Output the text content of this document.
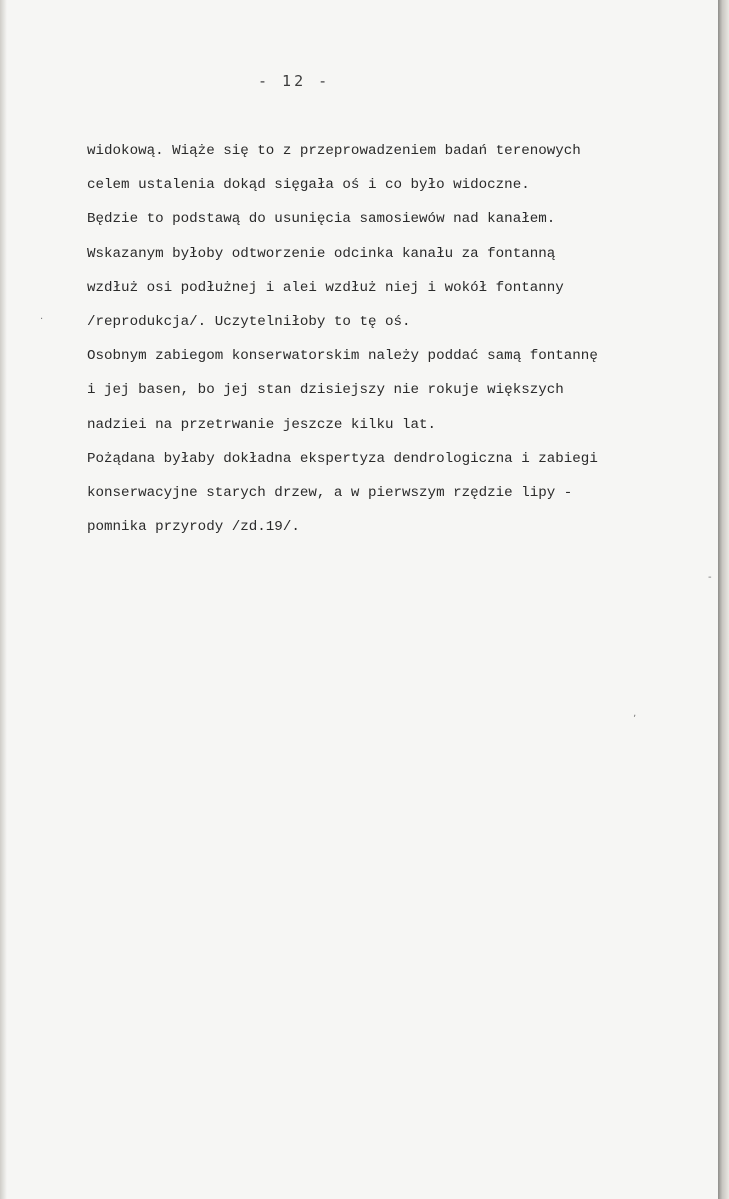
- 12 -
widokową. Wiąże się to z przeprowadzeniem badań terenowych
celem ustalenia dokąd sięgała oś i co było widoczne.
Będzie to podstawą do usunięcia samosiewów nad kanałem.
Wskazanym byłoby odtworzenie odcinka kanału za fontanną
wzdłuż osi podłużnej i alei wzdłuż niej i wokół fontanny
/reprodukcja/. Uczytelniłoby to tę oś.
Osobnym zabiegom konserwatorskim należy poddać samą fontannę
i jej basen, bo jej stan dzisiejszy nie rokuje większych
nadziei na przetrwanie jeszcze kilku lat.
Pożądana byłaby dokładna ekspertyza dendrologiczna i zabiegi
konserwacyjne starych drzew, a w pierwszym rzędzie lipy -
pomnika przyrody /zd.19/.
·
-
ʼ
